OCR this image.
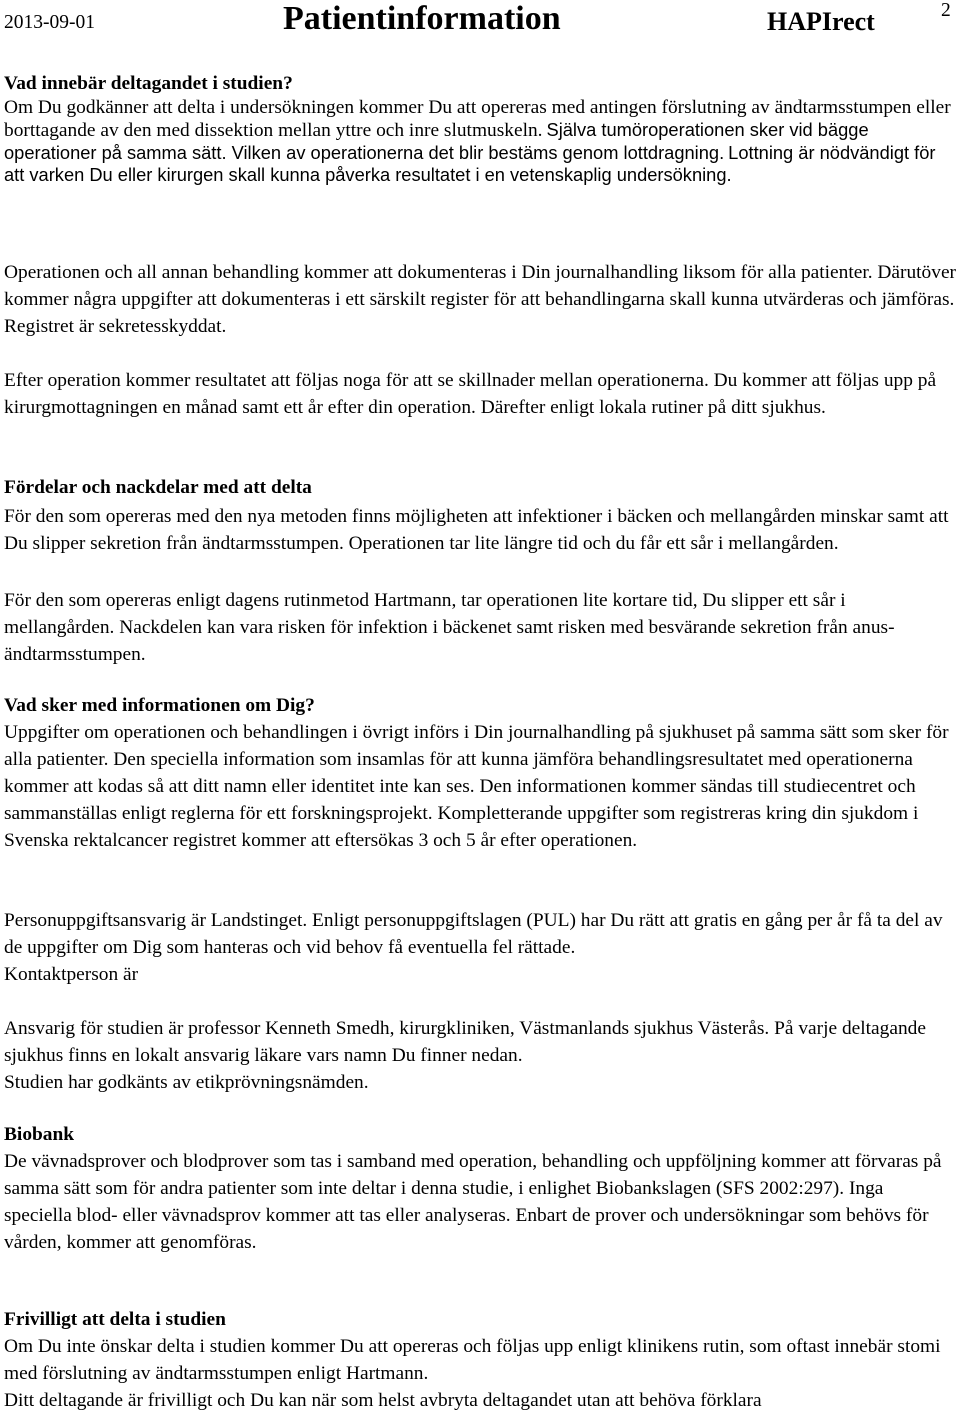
2013-09-01	Patientinformation	HAPIrect	2
Vad innebär deltagandet i studien?

Om Du godkänner att delta i undersökningen kommer Du att opereras med antingen förslutning av ändtarmsstumpen eller borttagande av den med dissektion mellan yttre och inre slutmuskeln. Själva tumöroperationen sker vid bägge operationer på samma sätt. Vilken av operationerna det blir bestäms genom lottdragning. Lottning är nödvändigt för att varken Du eller kirurgen skall kunna påverka resultatet i en vetenskaplig undersökning.

Operationen och all annan behandling kommer att dokumenteras i Din journalhandling liksom för alla patienter. Därutöver kommer några uppgifter att dokumenteras i ett särskilt register för att behandlingarna skall kunna utvärderas och jämföras. Registret är sekretesskyddat.

Efter operation kommer resultatet att följas noga för att se skillnader mellan operationerna. Du kommer att följas upp på kirurgmottagningen en månad samt ett år efter din operation. Därefter enligt lokala rutiner på ditt sjukhus.

Fördelar och nackdelar med att delta

För den som opereras med den nya metoden finns möjligheten att infektioner i bäcken och mellangården minskar samt att Du slipper sekretion från ändtarmsstumpen. Operationen tar lite längre tid och du får ett sår i mellangården.

För den som opereras enligt dagens rutinmetod Hartmann, tar operationen lite kortare tid, Du slipper ett sår i mellangården. Nackdelen kan vara risken för infektion i bäckenet samt risken med besvärande sekretion från anus-ändtarmsstumpen.

Vad sker med informationen om Dig?

Uppgifter om operationen och behandlingen i övrigt införs i Din journalhandling på sjukhuset på samma sätt som sker för alla patienter. Den speciella information som insamlas för att kunna jämföra behandlingsresultatet med operationerna kommer att kodas så att ditt namn eller identitet inte kan ses. Den informationen kommer sändas till studiecentret och sammanställas enligt reglerna för ett forskningsprojekt. Kompletterande uppgifter som registreras kring din sjukdom i Svenska rektalcancer registret kommer att eftersökas 3 och 5 år efter operationen.

Personuppgiftsansvarig är Landstinget. Enligt personuppgiftslagen (PUL) har Du rätt att gratis en gång per år få ta del av de uppgifter om Dig som hanteras och vid behov få eventuella fel rättade.
Kontaktperson är

Ansvarig för studien är professor Kenneth Smedh, kirurgkliniken, Västmanlands sjukhus Västerås. På varje deltagande sjukhus finns en lokalt ansvarig läkare vars namn Du finner nedan.
Studien har godkänts av etikprövningsnämden.

Biobank

De vävnadsprover och blodprover som tas i samband med operation, behandling och uppföljning kommer att förvaras på samma sätt som för andra patienter som inte deltar i denna studie, i enlighet Biobankslagen (SFS 2002:297). Inga speciella blod- eller vävnadsprov kommer att tas eller analyseras. Enbart de prover och undersökningar som behövs för vården, kommer att genomföras.

Frivilligt att delta i studien

Om Du inte önskar delta i studien kommer Du att opereras och följas upp enligt klinikens rutin, som oftast innebär stomi med förslutning av ändtarmsstumpen enligt Hartmann.

Ditt deltagande är frivilligt och Du kan när som helst avbryta deltagandet utan att behöva förklara
